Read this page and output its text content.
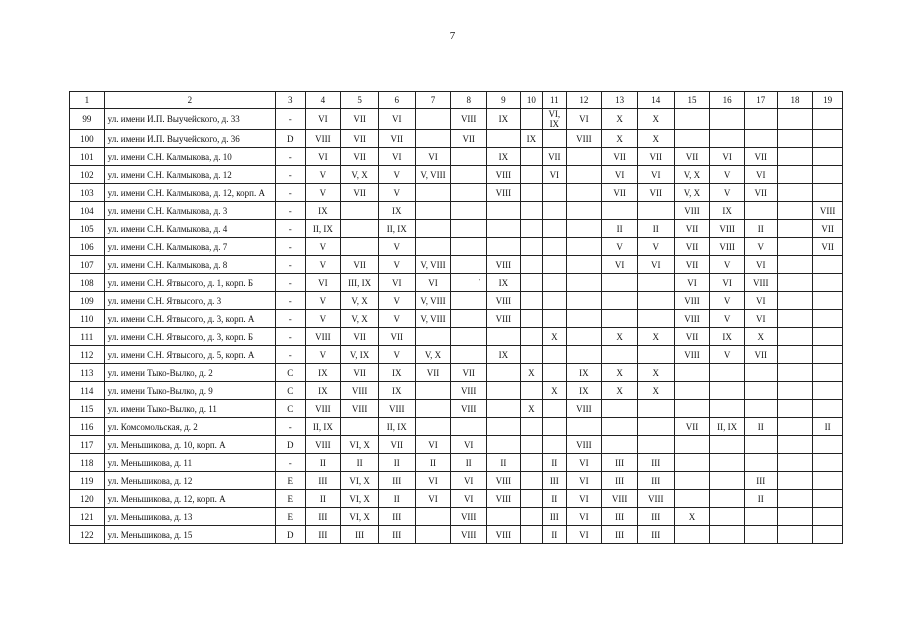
7
'
1	2	3	4	5	6	7	8	9	10	11	12	13	14	15	16	17	18	19
99	ул. имени И.П. Выучейского, д. 33	-	VI	VII	VI		VIII	IX		VI, IX	VI	X	X					
100	ул. имени И.П. Выучейского, д. 36	D	VIII	VII	VII		VII		IX		VIII	X	X					
101	ул. имени С.Н. Калмыкова, д. 10	-	VI	VII	VI	VI		IX		VII		VII	VII	VII	VI	VII		
102	ул. имени С.Н. Калмыкова, д. 12	-	V	V, X	V	V, VIII		VIII		VI		VI	VI	V, X	V	VI		
103	ул. имени С.Н. Калмыкова, д. 12, корп. А	-	V	VII	V			VIII				VII	VII	V, X	V	VII		
104	ул. имени С.Н. Калмыкова, д. 3	-	IX		IX									VIII	IX			VIII
105	ул. имени С.Н. Калмыкова, д. 4	-	II, IX		II, IX							II	II	VII	VIII	II		VII
106	ул. имени С.Н. Калмыкова, д. 7	-	V		V							V	V	VII	VIII	V		VII
107	ул. имени С.Н. Калмыкова, д. 8	-	V	VII	V	V, VIII		VIII				VI	VI	VII	V	VI		
108	ул. имени С.Н. Ятвысого, д. 1, корп. Б	-	VI	III, IX	VI	VI		IX						VI	VI	VIII		
109	ул. имени С.Н. Ятвысого, д. 3	-	V	V, X	V	V, VIII		VIII						VIII	V	VI		
110	ул. имени С.Н. Ятвысого, д. 3, корп. А	-	V	V, X	V	V, VIII		VIII						VIII	V	VI		
111	ул. имени С.Н. Ятвысого, д. 3, корп. Б	-	VIII	VII	VII					X		X	X	VII	IX	X		
112	ул. имени С.Н. Ятвысого, д. 5, корп. А	-	V	V, IX	V	V, X		IX						VIII	V	VII		
113	ул. имени Тыко-Вылко, д. 2	C	IX	VII	IX	VII	VII		X		IX	X	X					
114	ул. имени Тыко-Вылко, д. 9	C	IX	VIII	IX		VIII			X	IX	X	X					
115	ул. имени Тыко-Вылко, д. 11	C	VIII	VIII	VIII		VIII		X		VIII							
116	ул. Комсомольская, д. 2	-	II, IX		II, IX									VII	II, IX	II		II
117	ул. Меньшикова, д. 10, корп. А	D	VIII	VI, X	VII	VI	VI				VIII							
118	ул. Меньшикова, д. 11	-	II	II	II	II	II	II		II	VI	III	III					
119	ул. Меньшикова, д. 12	E	III	VI, X	III	VI	VI	VIII		III	VI	III	III			III		
120	ул. Меньшикова, д. 12, корп. А	E	II	VI, X	II	VI	VI	VIII		II	VI	VIII	VIII			II		
121	ул. Меньшикова, д. 13	E	III	VI, X	III		VIII			III	VI	III	III	X				
122	ул. Меньшикова, д. 15	D	III	III	III		VIII	VIII		II	VI	III	III					
